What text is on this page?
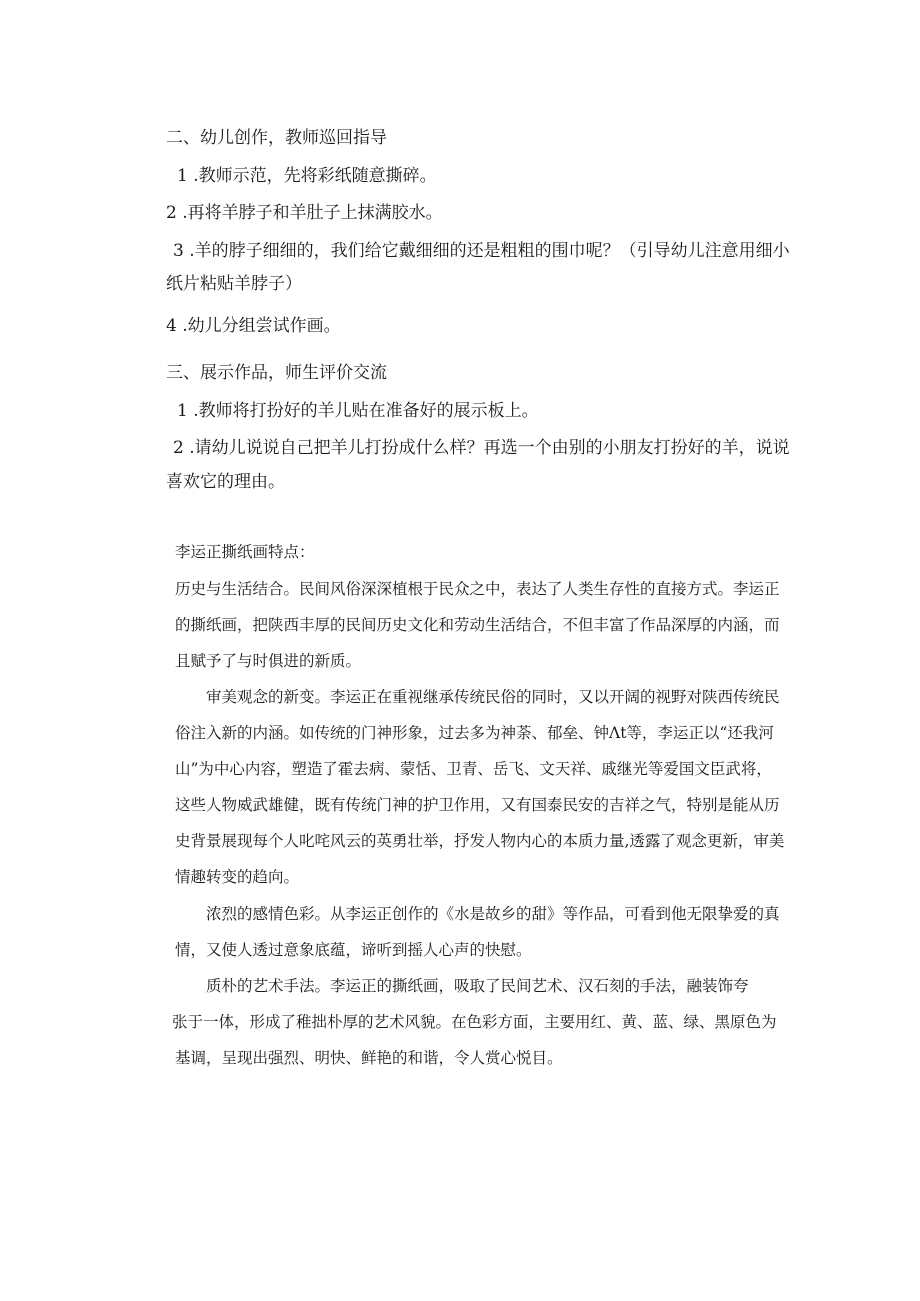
二、幼儿创作，教师巡回指导

1 .教师示范，先将彩纸随意撕碎。

2 .再将羊脖子和羊肚子上抹满胶水。

3 .羊的脖子细细的，我们给它戴细细的还是粗粗的围巾呢？（引导幼儿注意用细小

纸片粘贴羊脖子）

4 .幼儿分组尝试作画。

三、展示作品，师生评价交流

1 .教师将打扮好的羊儿贴在准备好的展示板上。

2 .请幼儿说说自己把羊儿打扮成什么样？再选一个由别的小朋友打扮好的羊，说说

喜欢它的理由。

李运正撕纸画特点：

历史与生活结合。民间风俗深深植根于民众之中，表达了人类生存性的直接方式。李运正

的撕纸画，把陕西丰厚的民间历史文化和劳动生活结合，不但丰富了作品深厚的内涵，而

且赋予了与时俱进的新质。

审美观念的新变。李运正在重视继承传统民俗的同时，又以开阔的视野对陕西传统民

俗注入新的内涵。如传统的门神形象，过去多为神荼、郁垒、钟Λt等，李运正以“还我河

山”为中心内容，塑造了霍去病、蒙恬、卫青、岳飞、文天祥、戚继光等爱国文臣武将，

这些人物威武雄健，既有传统门神的护卫作用，又有国泰民安的吉祥之气，特别是能从历

史背景展现每个人叱咤风云的英勇壮举，抒发人物内心的本质力量,透露了观念更新，审美

情趣转变的趋向。

浓烈的感情色彩。从李运正创作的《水是故乡的甜》等作品，可看到他无限挚爱的真

情，又使人透过意象底蕴，谛听到摇人心声的快慰。

质朴的艺术手法。李运正的撕纸画，吸取了民间艺术、汉石刻的手法，融装饰夸

张于一体，形成了稚拙朴厚的艺术风貌。在色彩方面，主要用红、黄、蓝、绿、黑原色为

基调，呈现出强烈、明快、鲜艳的和谐，令人赏心悦目。
